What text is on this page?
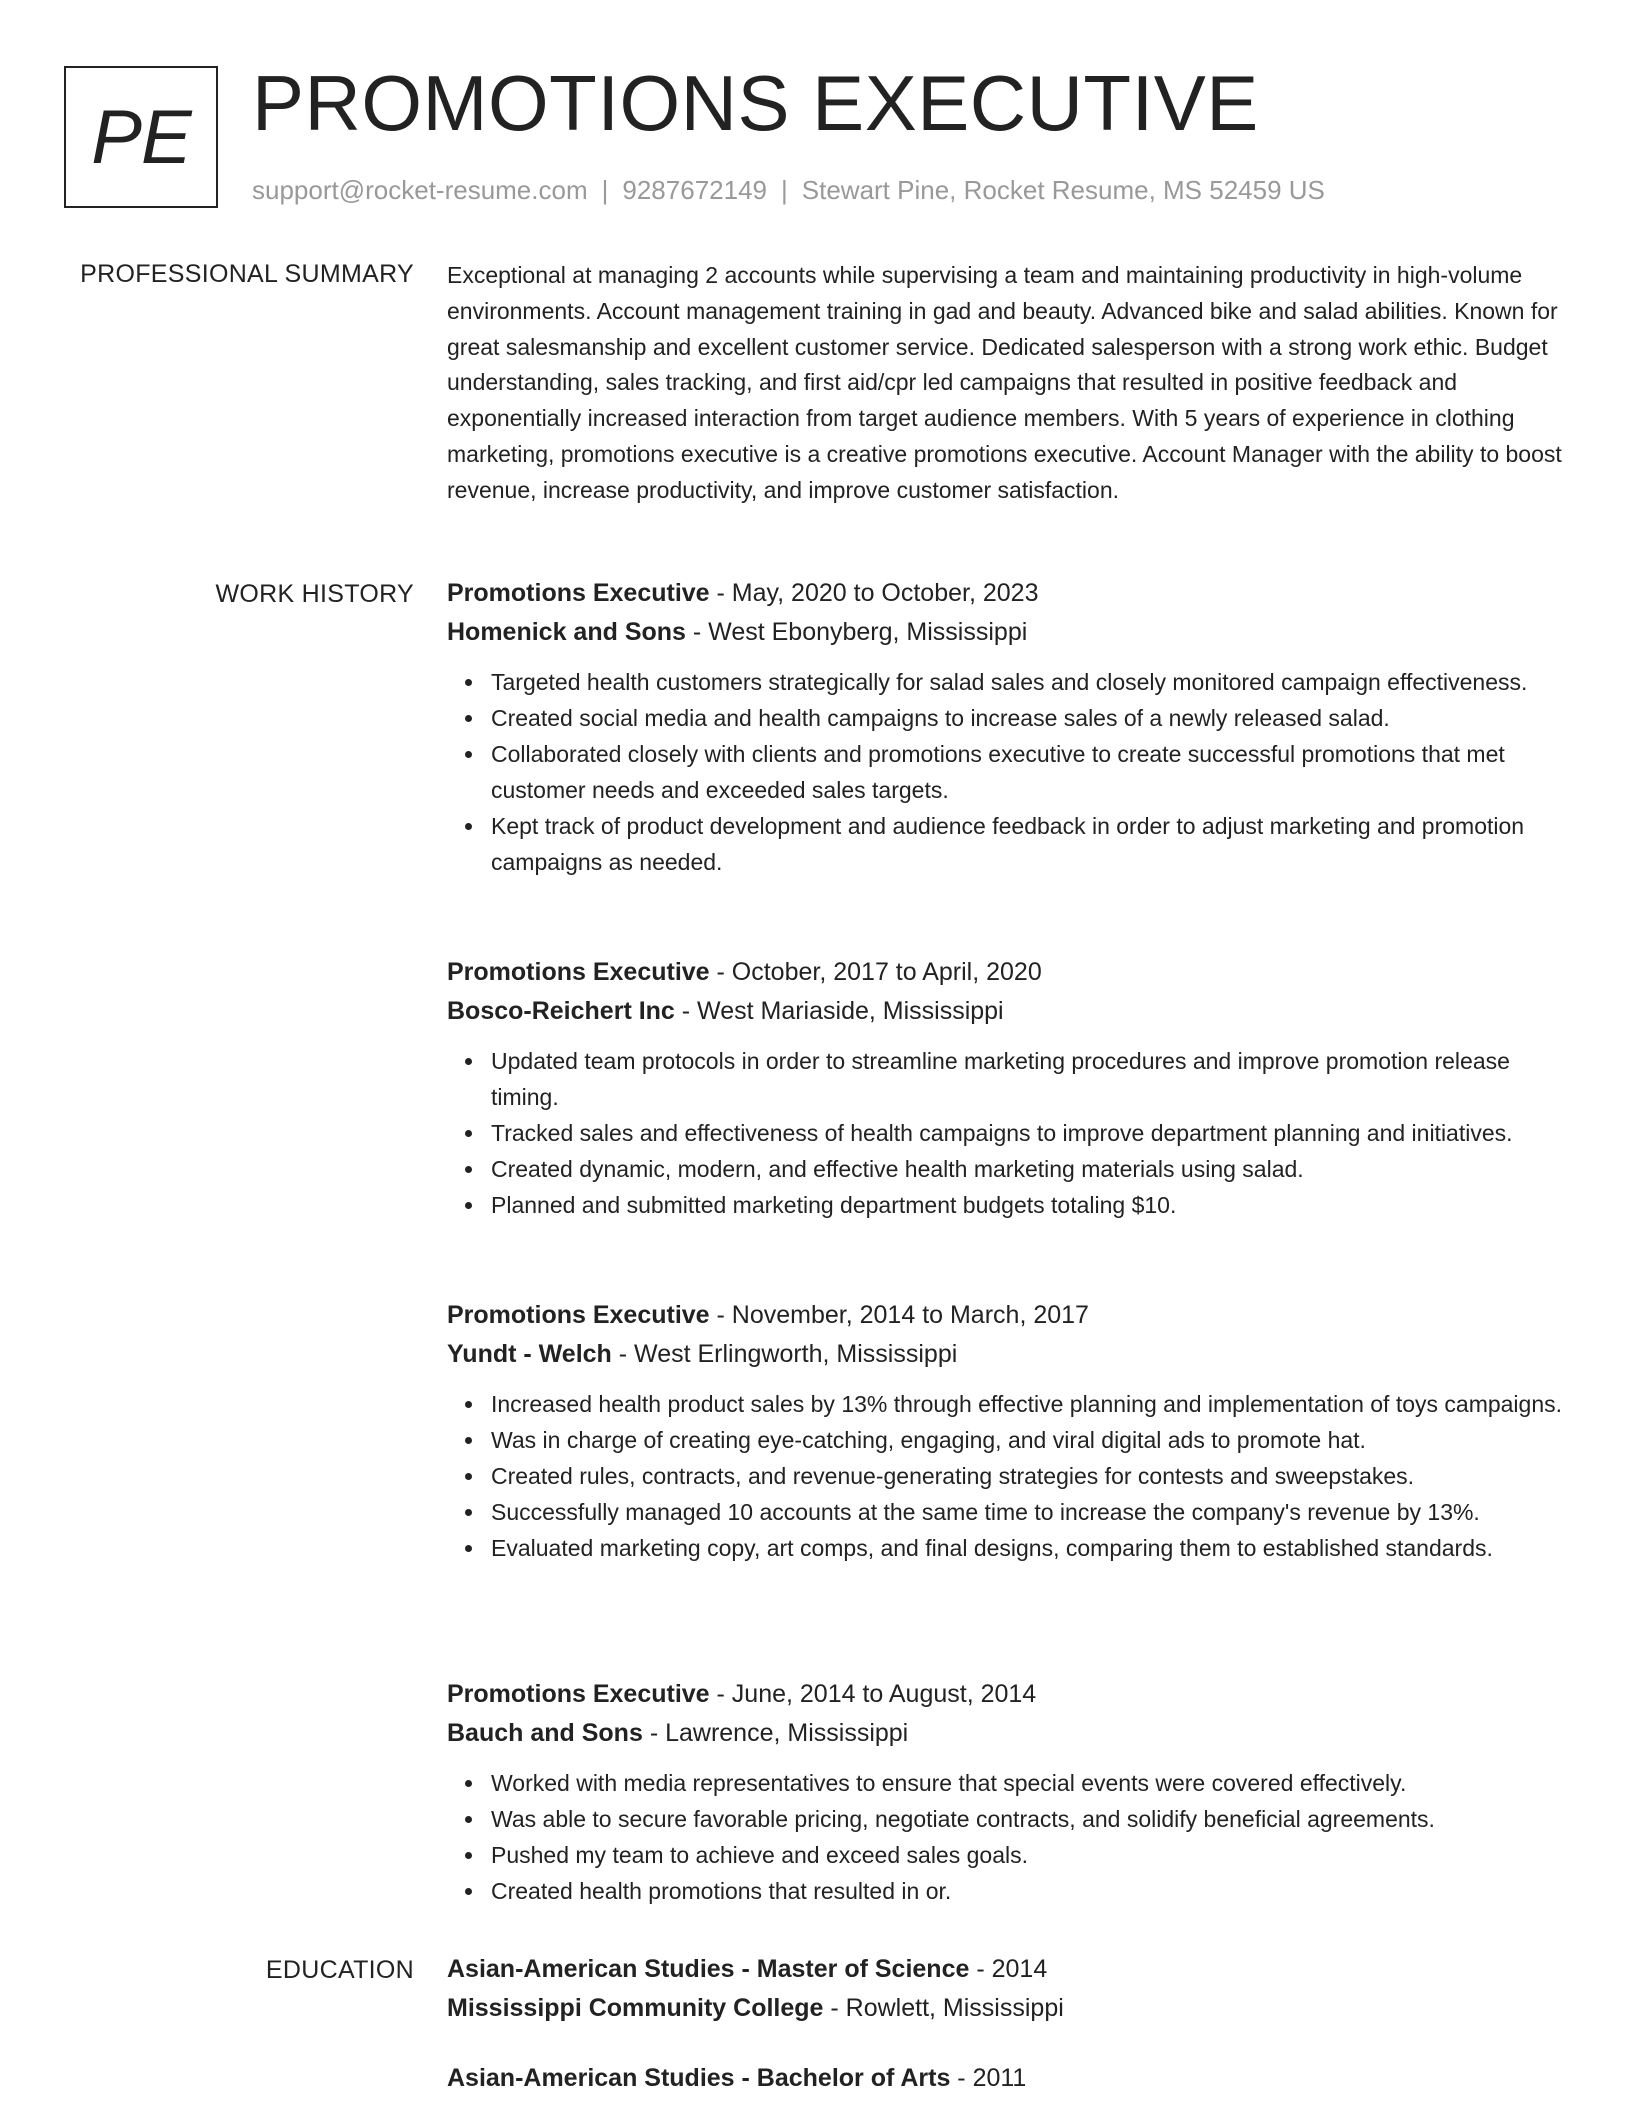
PE PROMOTIONS EXECUTIVE
support@rocket-resume.com | 9287672149 | Stewart Pine, Rocket Resume, MS 52459 US
PROFESSIONAL SUMMARY Exceptional at managing 2 accounts while supervising a team and maintaining productivity in high-volume environments. Account management training in gad and beauty. Advanced bike and salad abilities. Known for great salesmanship and excellent customer service. Dedicated salesperson with a strong work ethic. Budget understanding, sales tracking, and first aid/cpr led campaigns that resulted in positive feedback and exponentially increased interaction from target audience members. With 5 years of experience in clothing marketing, promotions executive is a creative promotions executive. Account Manager with the ability to boost revenue, increase productivity, and improve customer satisfaction.

WORK HISTORY Promotions Executive - May, 2020 to October, 2023
Homenick and Sons - West Ebonyberg, Mississippi
Targeted health customers strategically for salad sales and closely monitored campaign effectiveness.
Created social media and health campaigns to increase sales of a newly released salad.
Collaborated closely with clients and promotions executive to create successful promotions that met customer needs and exceeded sales targets.
Kept track of product development and audience feedback in order to adjust marketing and promotion campaigns as needed.
Promotions Executive - October, 2017 to April, 2020
Bosco-Reichert Inc - West Mariaside, Mississippi
Updated team protocols in order to streamline marketing procedures and improve promotion release timing.
Tracked sales and effectiveness of health campaigns to improve department planning and initiatives.
Created dynamic, modern, and effective health marketing materials using salad.
Planned and submitted marketing department budgets totaling $10.
Promotions Executive - November, 2014 to March, 2017
Yundt - Welch - West Erlingworth, Mississippi
Increased health product sales by 13% through effective planning and implementation of toys campaigns.
Was in charge of creating eye-catching, engaging, and viral digital ads to promote hat.
Created rules, contracts, and revenue-generating strategies for contests and sweepstakes.
Successfully managed 10 accounts at the same time to increase the company's revenue by 13%.
Evaluated marketing copy, art comps, and final designs, comparing them to established standards.
Promotions Executive - June, 2014 to August, 2014
Bauch and Sons - Lawrence, Mississippi
Worked with media representatives to ensure that special events were covered effectively.
Was able to secure favorable pricing, negotiate contracts, and solidify beneficial agreements.
Pushed my team to achieve and exceed sales goals.
Created health promotions that resulted in or.
EDUCATION Asian-American Studies - Master of Science - 2014
Mississippi Community College - Rowlett, Mississippi
Asian-American Studies - Bachelor of Arts - 2011
